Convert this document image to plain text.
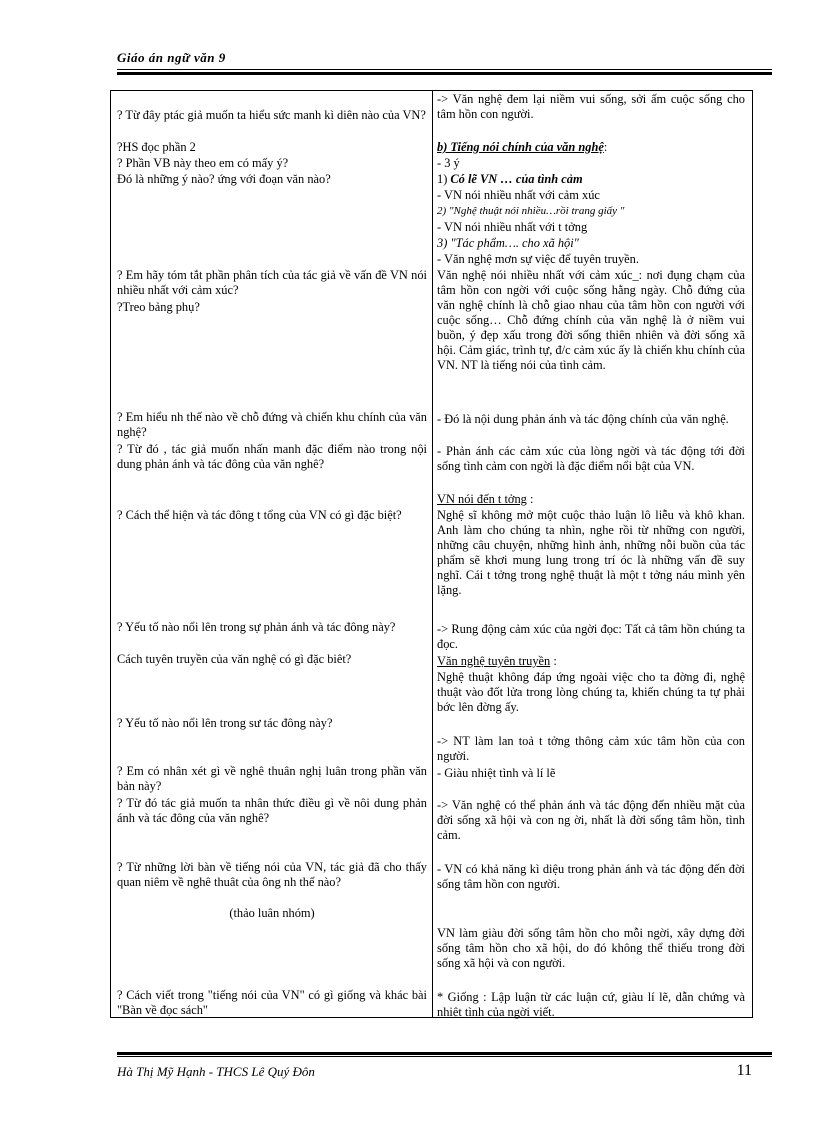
Giáo án ngữ văn 9
? Từ đây ptác giả muốn ta hiểu sức manh kì diên nào của VN?
?HS đọc phần 2
? Phần VB này theo em có mấy ý?
Đó là những ý nào? ứng với đoạn văn nào?
? Em hãy tóm tắt phần phân tích của tác giả về vấn đề VN nói nhiều nhất với cảm xúc?
?Treo bảng phụ?
? Em hiểu nh thế nào về chỗ đứng và chiến khu chính của văn nghệ?
? Từ đó , tác giả muốn nhấn manh đặc điểm nào trong nội dung phản ánh và tác đông của văn nghê?
? Cách thể hiện và tác đông t tổng của VN có gì đặc biệt?
? Yếu tố nào nổi lên trong sự phản ánh và tác đông này?
Cách tuyên truyền của văn nghệ có gì đặc biêt?
? Yếu tố nào nổi lên trong sư tác đông này?
? Em có nhân xét gì về nghê thuân nghị luân trong phần văn bản này?
? Từ đó tác giả muốn ta nhân thức điều gì về nôi dung phản ánh và tác đông của văn nghê?
? Từ những lời bàn về tiếng nói của VN, tác giả đã cho thấy quan niêm về nghê thuât của ông nh thế nào?
(thảo luân nhóm)
? Cách viết trong "tiếng nói của VN" có gì giống và khác bài "Bàn về đọc sách"
-> Văn nghệ đem lại niềm vui sống, sởi ấm cuộc sống cho tâm hồn con người.
b) Tiếng nói chính của văn nghệ:
- 3 ý
1) Có lẽ VN … của tình cảm
- VN nói nhiều nhất với cảm xúc
2) "Nghệ thuật nói nhiều…rồi trang giấy "
- VN nói nhiều nhất với t tởng
3) "Tác phẩm…. cho xã hội"
- Văn nghệ mơn sự việc để tuyên truyền.
Văn nghệ nói nhiều nhất với cảm xúc_: nơi đụng chạm của tâm hồn con ngời với cuộc sống hằng ngày. Chỗ đứng của văn nghệ chính là chỗ giao nhau của tâm hồn con người với cuộc sống… Chỗ đứng chính của văn nghệ là ở niềm vui buồn, ý đẹp xấu trong đời sống thiên nhiên và đời sống xã hội. Cảm giác, trình tự, đ/c cảm xúc ấy là chiến khu chính của VN. NT là tiếng nói của tình cảm.
- Đó là nội dung phản ánh và tác động chính của văn nghệ.
- Phản ánh các cảm xúc của lòng ngời và tác động tới đời sống tình cảm con ngời là đặc điểm nổi bật của VN.
VN nói đến t tởng :
Nghệ sĩ không mở một cuộc thảo luận lô liễu và khô khan. Anh làm cho chúng ta nhìn, nghe rồi từ những con người, những câu chuyện, những hình ảnh, những nỗi buồn của tác phẩm sẽ khơi mung lung trong trí óc là những vấn đề suy nghĩ. Cái t tởng trong nghệ thuật là một t tởng náu mình yên lặng.
-> Rung động cảm xúc của ngời đọc: Tất cả tâm hồn chúng ta đọc.
Văn nghệ tuyên truyền :
Nghệ thuật không đáp ứng ngoài việc cho ta đờng đi, nghệ thuật vào đốt lửa trong lòng chúng ta, khiến chúng ta tự phải bớc lên đờng ấy.
-> NT làm lan toả t tởng thông cảm xúc tâm hồn của con người.
- Giàu nhiệt tình và lí lẽ
-> Văn nghệ có thể phản ánh và tác động đến nhiều mặt của đời sống xã hội và con ng ời, nhất là đời sống tâm hồn, tình cảm.
- VN có khả năng kì diệu trong phản ánh và tác động đến đời sống tâm hồn con người.
VN làm giàu đời sống tâm hồn cho mỗi ngời, xây dựng đời sống tâm hồn cho xã hội, do đó không thể thiếu trong đời sống xã hội và con người.
* Giống : Lập luận từ các luận cứ, giàu lí lẽ, dẫn chứng và nhiệt tình của ngời viết.
Hà Thị Mỹ Hạnh - THCS Lê Quý Đôn	11
